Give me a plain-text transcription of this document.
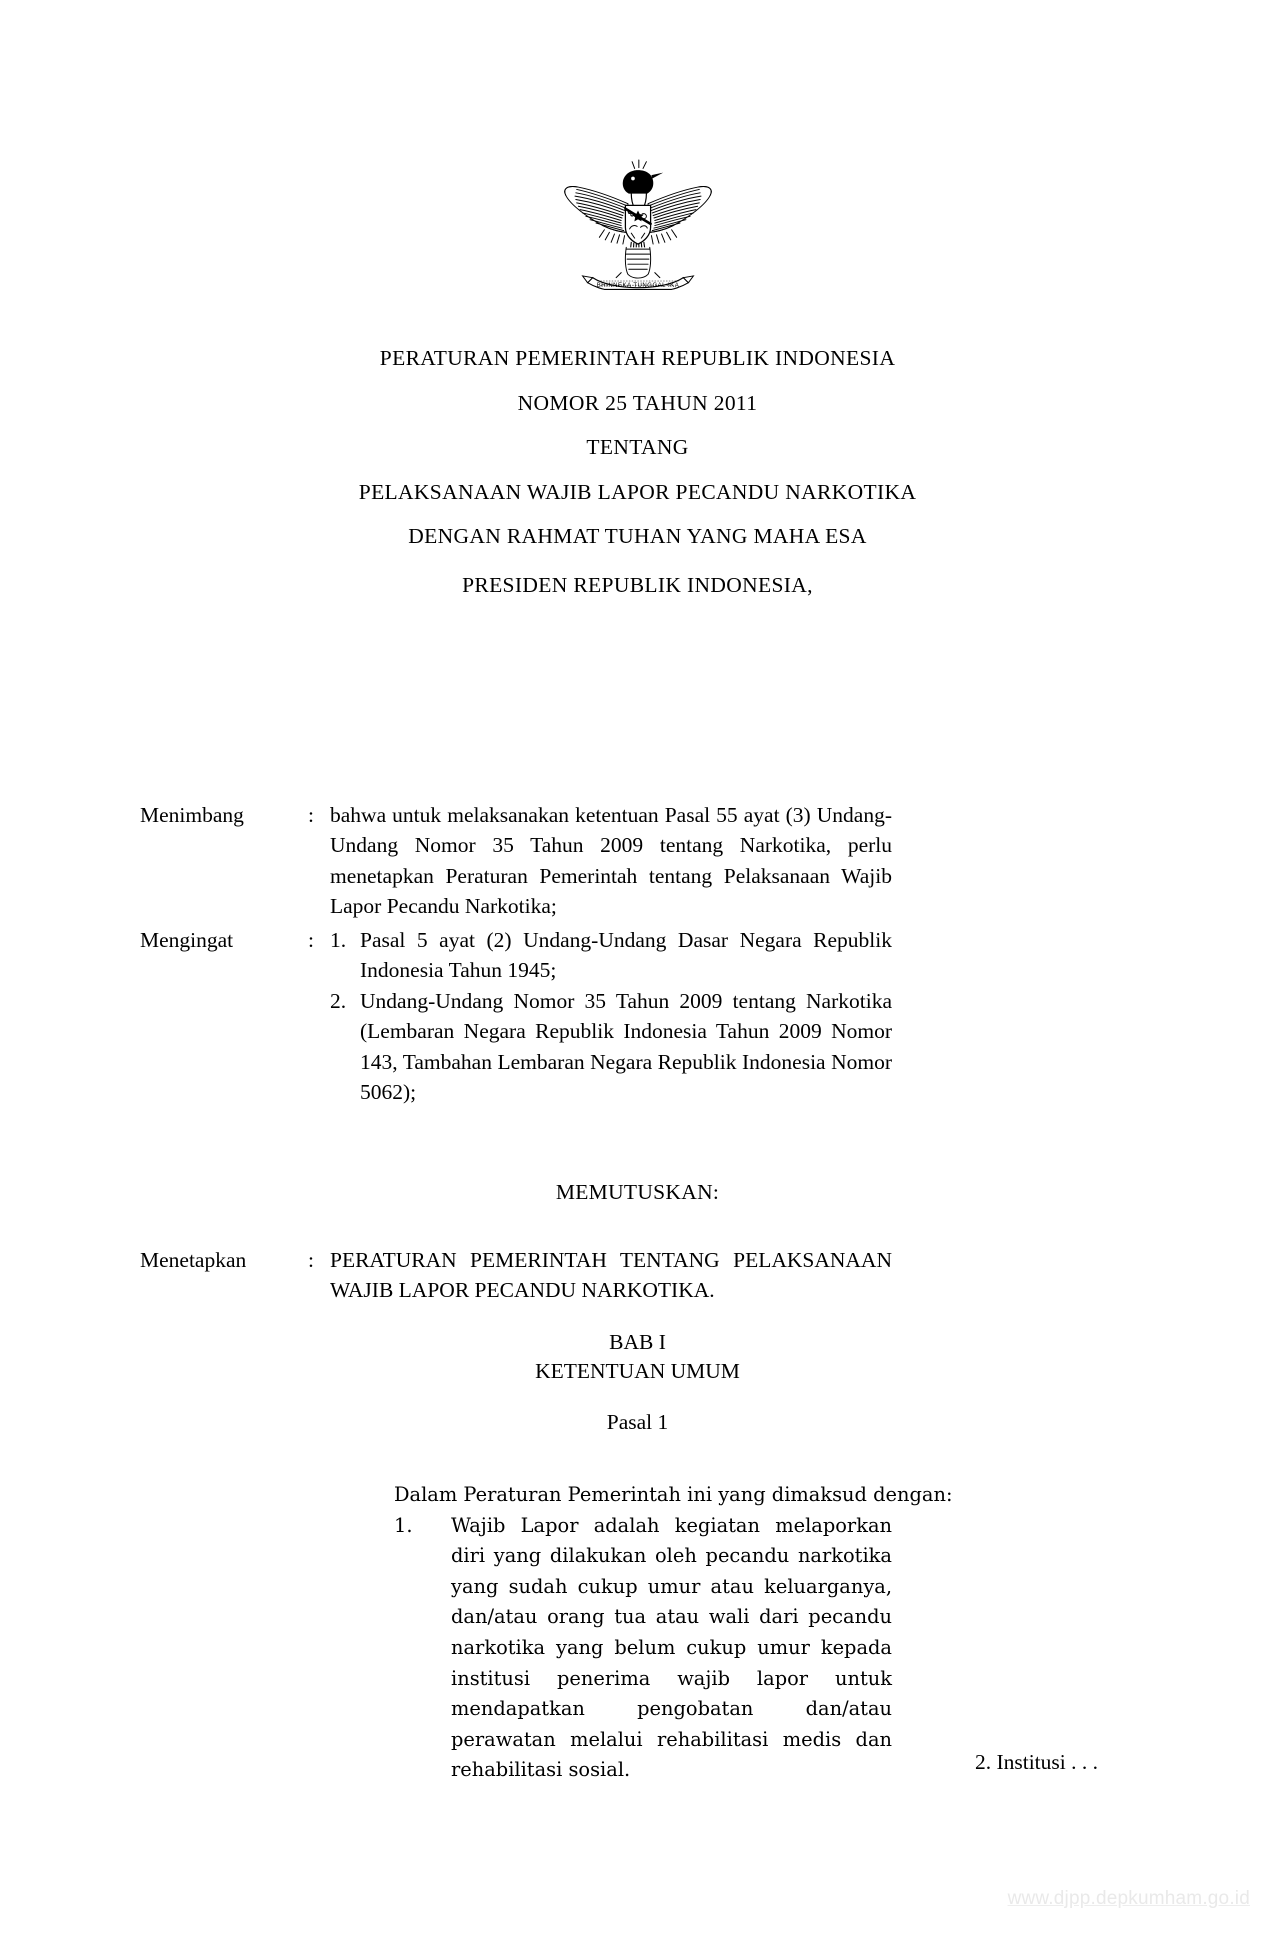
BHINNEKA TUNGGAL IKA
PERATURAN PEMERINTAH REPUBLIK INDONESIA
NOMOR 25 TAHUN 2011
TENTANG
PELAKSANAAN WAJIB LAPOR PECANDU NARKOTIKA
DENGAN RAHMAT TUHAN YANG MAHA ESA
PRESIDEN REPUBLIK INDONESIA,
Menimbang	: bahwa untuk melaksanakan ketentuan Pasal 55 ayat (3) Undang-Undang Nomor 35 Tahun 2009 tentang Narkotika, perlu menetapkan Peraturan Pemerintah tentang Pelaksanaan Wajib Lapor Pecandu Narkotika;
Mengingat	: 1. Pasal 5 ayat (2) Undang-Undang Dasar Negara Republik Indonesia Tahun 1945;
2. Undang-Undang Nomor 35 Tahun 2009 tentang Narkotika (Lembaran Negara Republik Indonesia Tahun 2009 Nomor 143, Tambahan Lembaran Negara Republik Indonesia Nomor 5062);
MEMUTUSKAN:
Menetapkan	: PERATURAN PEMERINTAH TENTANG PELAKSANAAN WAJIB LAPOR PECANDU NARKOTIKA.
BAB I
KETENTUAN UMUM
Pasal 1

Dalam Peraturan Pemerintah ini yang dimaksud dengan:

1.	Wajib Lapor adalah kegiatan melaporkan diri yang dilakukan oleh pecandu narkotika yang sudah cukup umur atau keluarganya, dan/atau orang tua atau wali dari pecandu narkotika yang belum cukup umur kepada institusi penerima wajib lapor untuk mendapatkan pengobatan dan/atau perawatan melalui rehabilitasi medis dan rehabilitasi sosial.	2. Institusi . . .
www.djpp.depkumham.go.id
